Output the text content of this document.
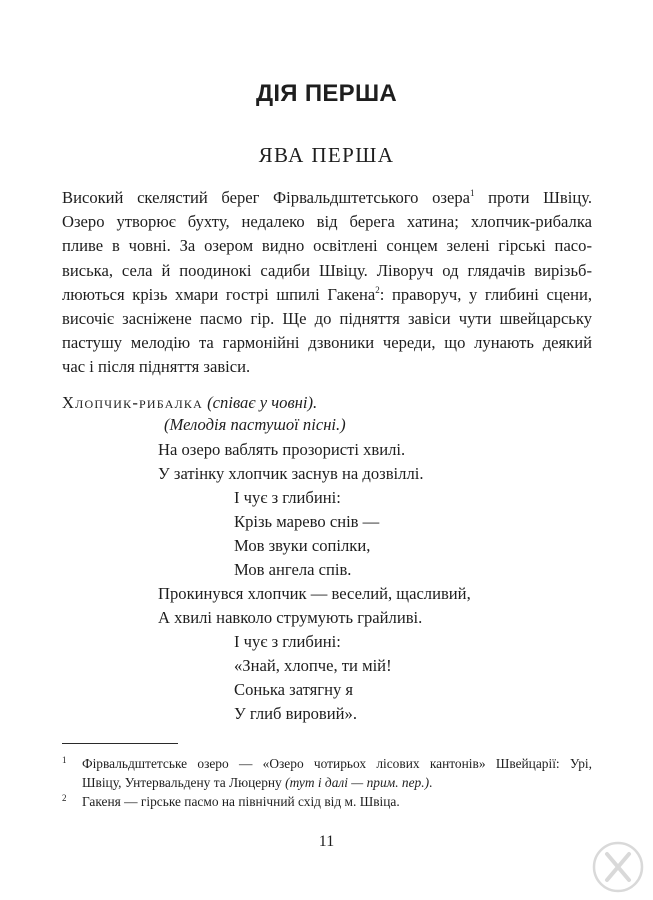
ДІЯ ПЕРША
ЯВА ПЕРША
Високий скелястий берег Фірвальдштетського озера$^1$ проти Швіцу.
Озеро утворює бухту, недалеко від берега хатина; хлопчик-рибалка
пливе в човні. За озером видно освітлені сонцем зелені гірські пасо-
виська, села й поодинокі садиби Швіцу. Ліворуч од глядачів вирізьб-
люються крізь хмари гострі шпилі Гакена$^2$: праворуч, у глибині сцени,
височіє засніжене пасмо гір. Ще до підняття завіси чути швейцарську
пастушу мелодію та гармонійні дзвоники череди, що лунають деякий
час і після підняття завіси.
Хлопчик-рибалка (співає у човні).
(Мелодія пастушої пісні.)
На озеро ваблять прозористі хвилі.
У затінку хлопчик заснув на дозвіллі.
І чує з глибині:
Крізь марево снів —
Мов звуки сопілки,
Мов ангела спів.
Прокинувся хлопчик — веселий, щасливий,
А хвилі навколо струмують грайливі.
І чує з глибині:
«Знай, хлопче, ти мій!
Сонька затягну я
У глиб вировий».
1 Фірвальдштетське озеро — «Озеро чотирьох лісових кантонів» Швейцарії: Урі,
Швіцу, Унтервальдену та Люцерну (тут і далі — прим. пер.).
2 Гакеня — гірське пасмо на північний схід від м. Швіца.
11
